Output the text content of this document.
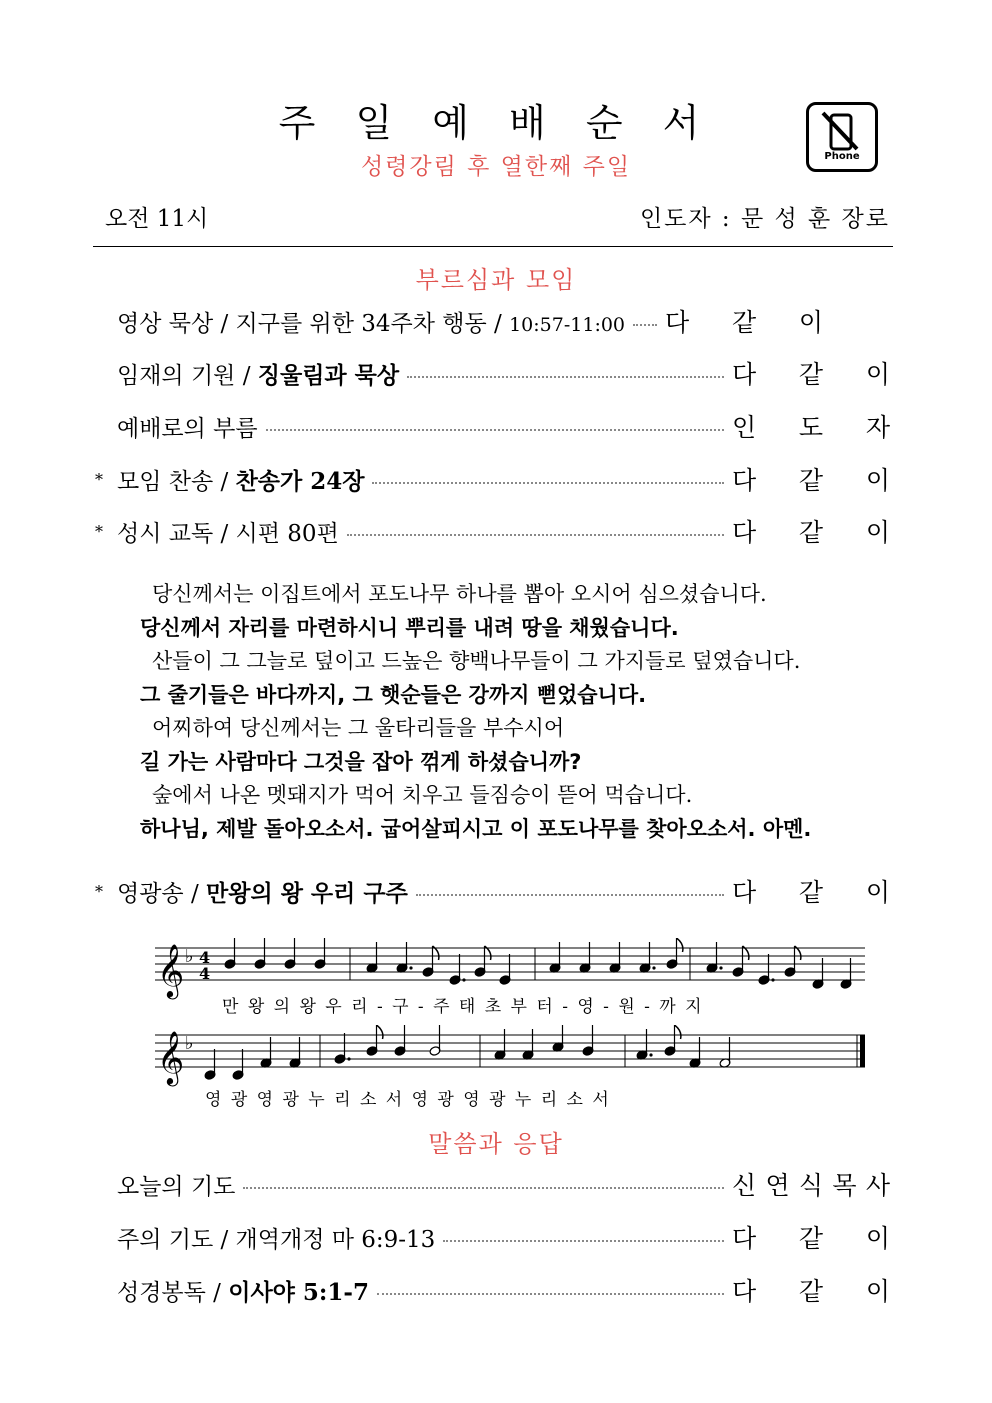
주 일 예 배 순 서
성령강림 후 열한째 주일	Phone
오전 11시	인도자 : 문 성 훈 장로
부르심과 모임
영상 묵상 / 지구를 위한 34주차 행동 / 10:57-11:00 다 같 이
임재의 기원 / 징울림과 묵상	다 같 이
예배로의 부름	인 도 자
* 모임 찬송 / 찬송가 24장	다 같 이
* 성시 교독 / 시편 80편	다 같 이
당신께서는 이집트에서 포도나무 하나를 뽑아 오시어 심으셨습니다.
당신께서 자리를 마련하시니 뿌리를 내려 땅을 채웠습니다.
산들이 그 그늘로 덮이고 드높은 향백나무들이 그 가지들로 덮였습니다.
그 줄기들은 바다까지, 그 햇순들은 강까지 뻗었습니다.
어찌하여 당신께서는 그 울타리들을 부수시어
길 가는 사람마다 그것을 잡아 꺾게 하셨습니까?
숲에서 나온 멧돼지가 먹어 치우고 들짐승이 뜯어 먹습니다.
하나님, 제발 돌아오소서. 굽어살피시고 이 포도나무를 찾아오소서. 아멘.
* 영광송 / 만왕의 왕 우리 구주	다 같 이
𝄞 ♭ 4
4
만 왕 의 왕 우 리 - 구 - 주 태 초 부 터 - 영 - 원 - 까 지
𝄞 ♭
영 광 영 광 누 리 소 서 영 광 영 광 누 리 소 서
말씀과 응답
오늘의 기도	신 연 식 목 사
주의 기도 / 개역개정 마 6:9-13	다 같 이
성경봉독 / 이사야 5:1-7	다 같 이
